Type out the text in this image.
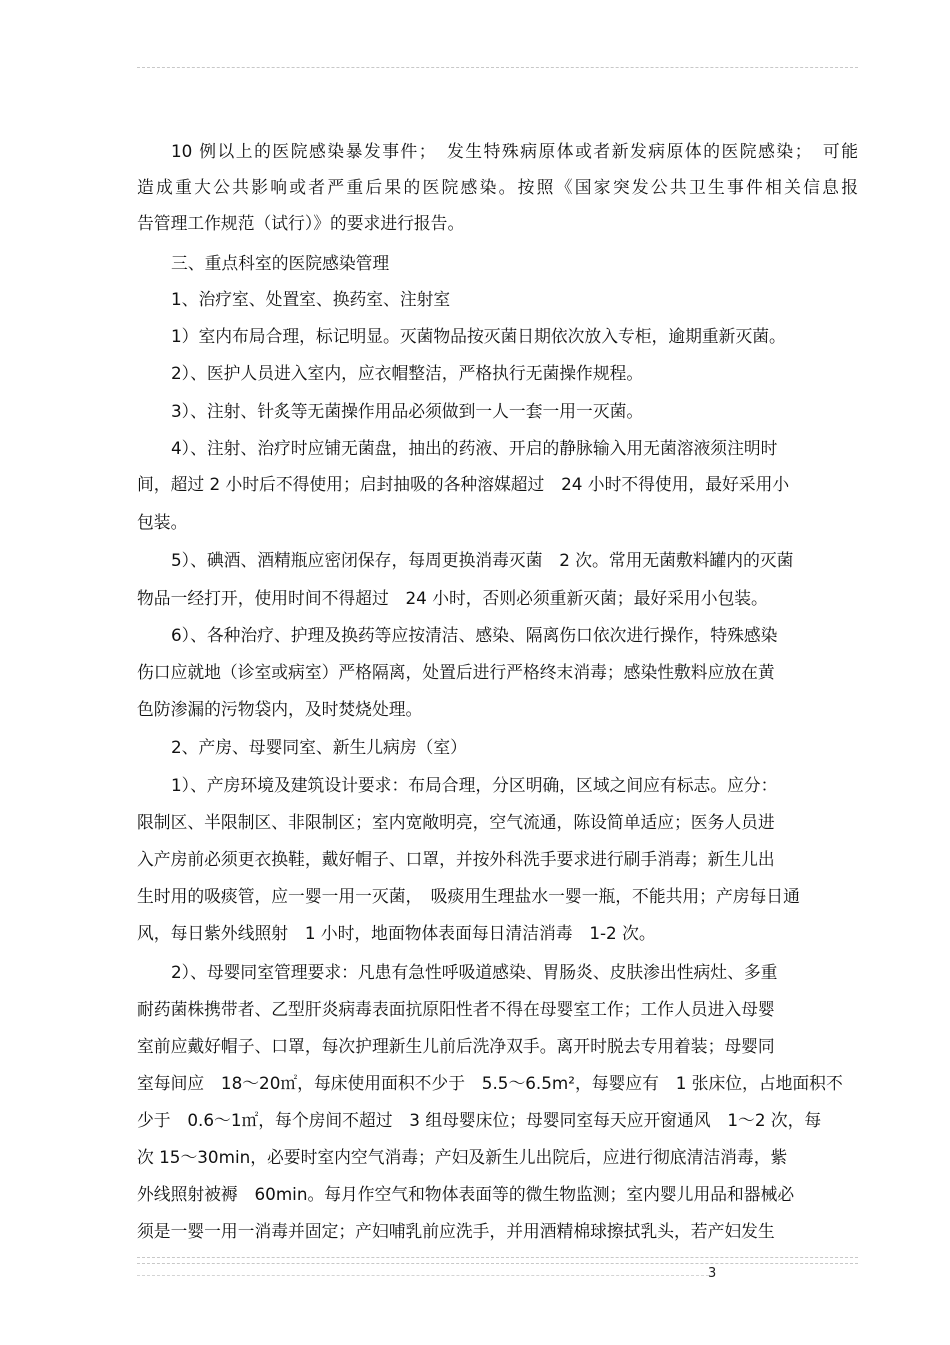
10 例以上的医院感染暴发事件；　发生特殊病原体或者新发病原体的医院感染；　可能
造成重大公共影响或者严重后果的医院感染。按照《国家突发公共卫生事件相关信息报
告管理工作规范（试行）》的要求进行报告。
三、重点科室的医院感染管理
1、治疗室、处置室、换药室、注射室
1）室内布局合理，标记明显。灭菌物品按灭菌日期依次放入专柜，逾期重新灭菌。
2）、医护人员进入室内，应衣帽整洁，严格执行无菌操作规程。
3）、注射、针炙等无菌操作用品必须做到一人一套一用一灭菌。
4）、注射、治疗时应铺无菌盘，抽出的药液、开启的静脉输入用无菌溶液须注明时
间，超过 2 小时后不得使用；启封抽吸的各种溶媒超过　24 小时不得使用，最好采用小
包装。
5）、碘酒、酒精瓶应密闭保存，每周更换消毒灭菌　2 次。常用无菌敷料罐内的灭菌
物品一经打开，使用时间不得超过　24 小时，否则必须重新灭菌；最好采用小包装。
6）、各种治疗、护理及换药等应按清洁、感染、隔离伤口依次进行操作，特殊感染
伤口应就地（诊室或病室）严格隔离，处置后进行严格终末消毒；感染性敷料应放在黄
色防渗漏的污物袋内，及时焚烧处理。
2、产房、母婴同室、新生儿病房（室）
1）、产房环境及建筑设计要求：布局合理，分区明确，区域之间应有标志。应分：
限制区、半限制区、非限制区；室内宽敞明亮，空气流通，陈设简单适应；医务人员进
入产房前必须更衣换鞋，戴好帽子、口罩，并按外科洗手要求进行刷手消毒；新生儿出
生时用的吸痰管，应一婴一用一灭菌，　吸痰用生理盐水一婴一瓶，不能共用；产房每日通
风，每日紫外线照射　1 小时，地面物体表面每日清洁消毒　1-2 次。
2）、母婴同室管理要求：凡患有急性呼吸道感染、胃肠炎、皮肤渗出性病灶、多重
耐药菌株携带者、乙型肝炎病毒表面抗原阳性者不得在母婴室工作；工作人员进入母婴
室前应戴好帽子、口罩，每次护理新生儿前后洗净双手。离开时脱去专用着装；母婴同
室每间应　18～20㎡，每床使用面积不少于　5.5～6.5m²，每婴应有　1 张床位，占地面积不
少于　0.6～1㎡，每个房间不超过　3 组母婴床位；母婴同室每天应开窗通风　1～2 次，每
次 15～30min，必要时室内空气消毒；产妇及新生儿出院后，应进行彻底清洁消毒，紫
外线照射被褥　60min。每月作空气和物体表面等的微生物监测；室内婴儿用品和器械必
须是一婴一用一消毒并固定；产妇哺乳前应洗手，并用酒精棉球擦拭乳头，若产妇发生
3
